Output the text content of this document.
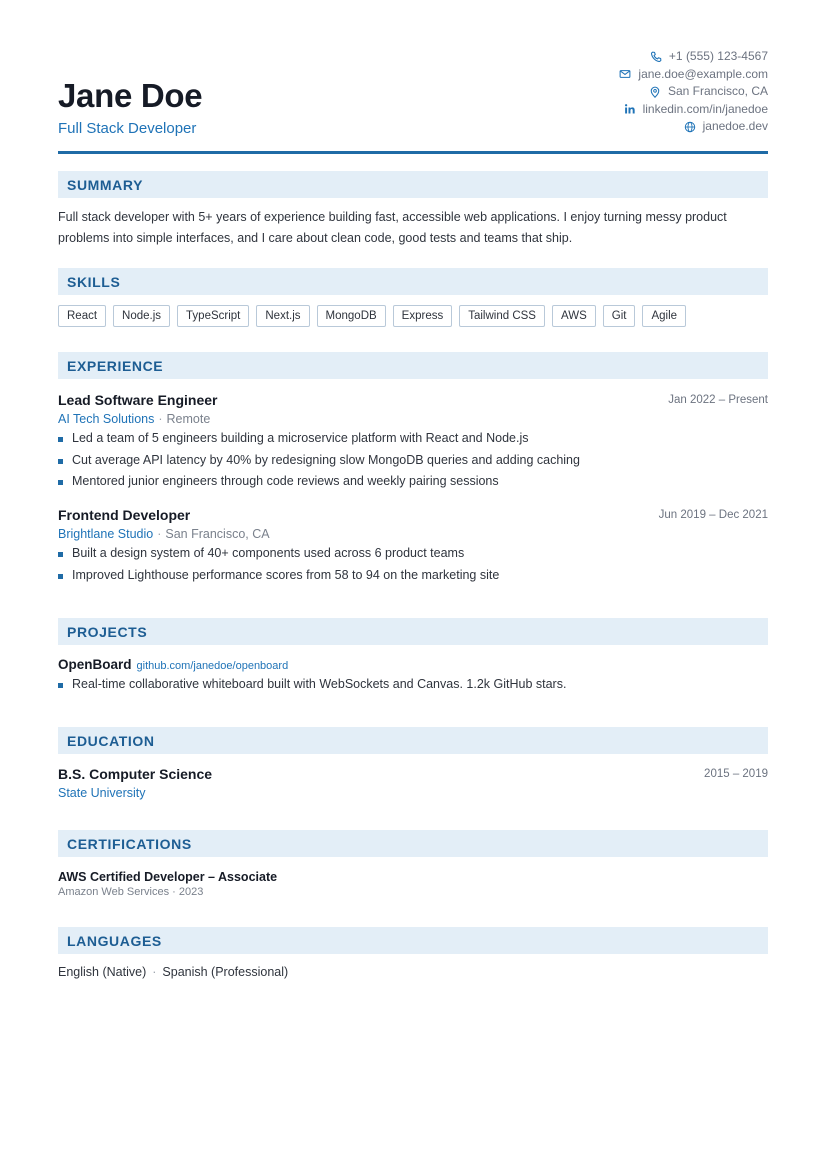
Jane Doe
Full Stack Developer
+1 (555) 123-4567
jane.doe@example.com
San Francisco, CA
linkedin.com/in/janedoe
janedoe.dev
SUMMARY
Full stack developer with 5+ years of experience building fast, accessible web applications. I enjoy turning messy product problems into simple interfaces, and I care about clean code, good tests and teams that ship.
SKILLS
React	Node.js	TypeScript	Next.js	MongoDB	Express	Tailwind CSS	AWS	Git	Agile
EXPERIENCE
Lead Software Engineer	Jan 2022 – Present
AI Tech Solutions · Remote
Led a team of 5 engineers building a microservice platform with React and Node.js
Cut average API latency by 40% by redesigning slow MongoDB queries and adding caching
Mentored junior engineers through code reviews and weekly pairing sessions
Frontend Developer	Jun 2019 – Dec 2021
Brightlane Studio · San Francisco, CA
Built a design system of 40+ components used across 6 product teams
Improved Lighthouse performance scores from 58 to 94 on the marketing site
PROJECTS
OpenBoard github.com/janedoe/openboard
Real-time collaborative whiteboard built with WebSockets and Canvas. 1.2k GitHub stars.
EDUCATION
B.S. Computer Science	2015 – 2019
State University
CERTIFICATIONS
AWS Certified Developer – Associate
Amazon Web Services · 2023
LANGUAGES
English (Native) · Spanish (Professional)
